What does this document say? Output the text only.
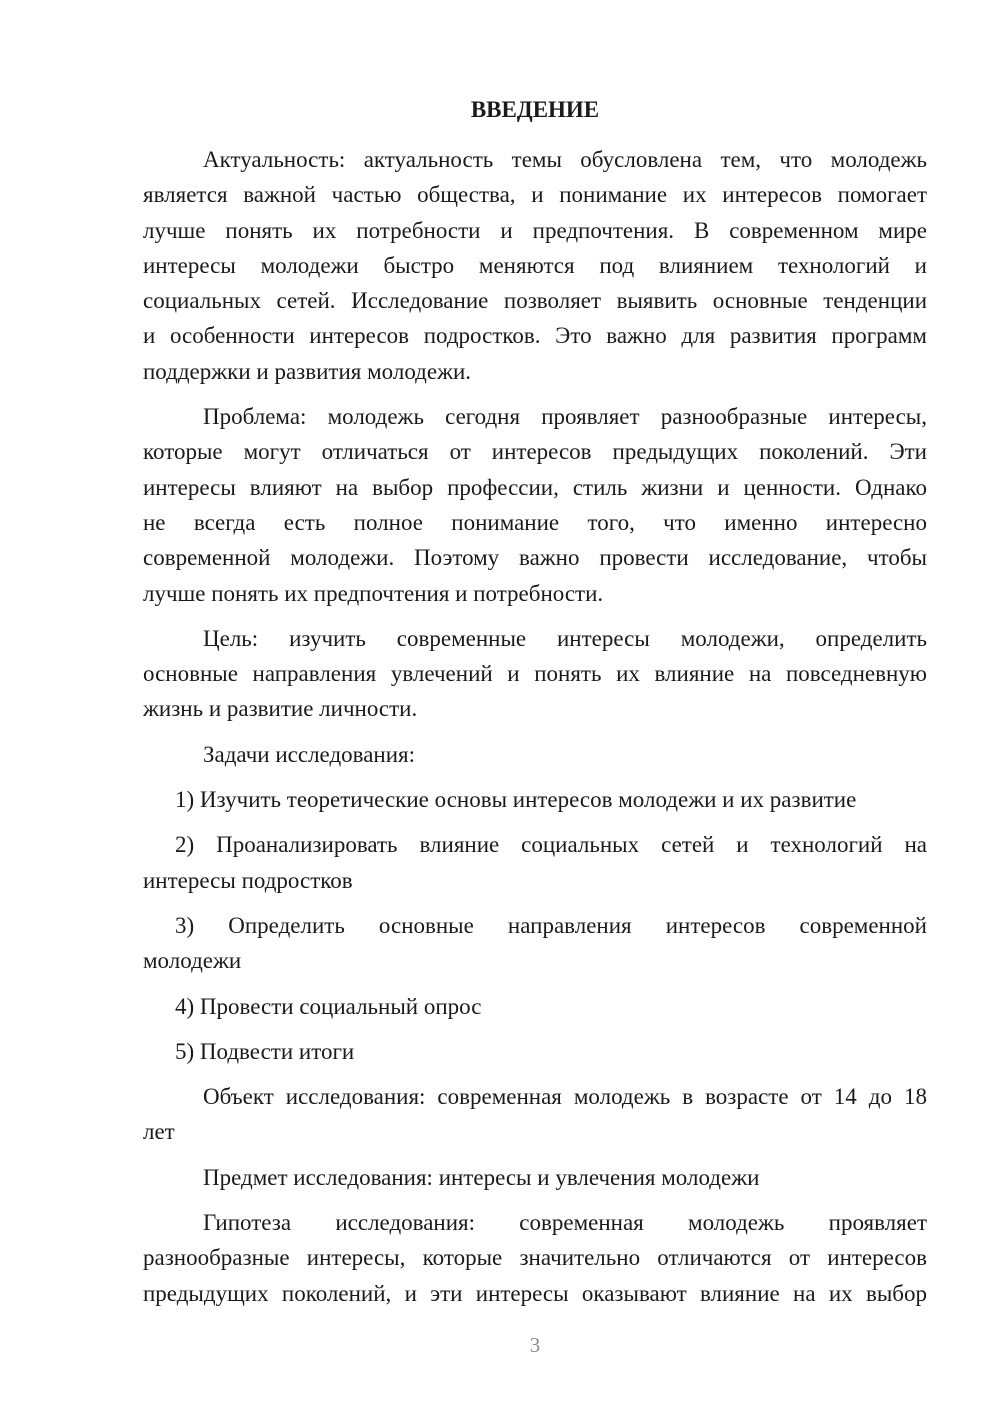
ВВЕДЕНИЕ
Актуальность: актуальность темы обусловлена тем, что молодежь
является важной частью общества, и понимание их интересов помогает
лучше понять их потребности и предпочтения. В современном мире
интересы молодежи быстро меняются под влиянием технологий и
социальных сетей. Исследование позволяет выявить основные тенденции
и особенности интересов подростков. Это важно для развития программ
поддержки и развития молодежи.
Проблема: молодежь сегодня проявляет разнообразные интересы,
которые могут отличаться от интересов предыдущих поколений. Эти
интересы влияют на выбор профессии, стиль жизни и ценности. Однако
не всегда есть полное понимание того, что именно интересно
современной молодежи. Поэтому важно провести исследование, чтобы
лучше понять их предпочтения и потребности.
Цель: изучить современные интересы молодежи, определить
основные направления увлечений и понять их влияние на повседневную
жизнь и развитие личности.
Задачи исследования:
1) Изучить теоретические основы интересов молодежи и их развитие
2) Проанализировать влияние социальных сетей и технологий на
интересы подростков
3) Определить основные направления интересов современной
молодежи
4) Провести социальный опрос
5) Подвести итоги
Объект исследования: современная молодежь в возрасте от 14 до 18
лет
Предмет исследования: интересы и увлечения молодежи
Гипотеза исследования: современная молодежь проявляет
разнообразные интересы, которые значительно отличаются от интересов
предыдущих поколений, и эти интересы оказывают влияние на их выбор
3
